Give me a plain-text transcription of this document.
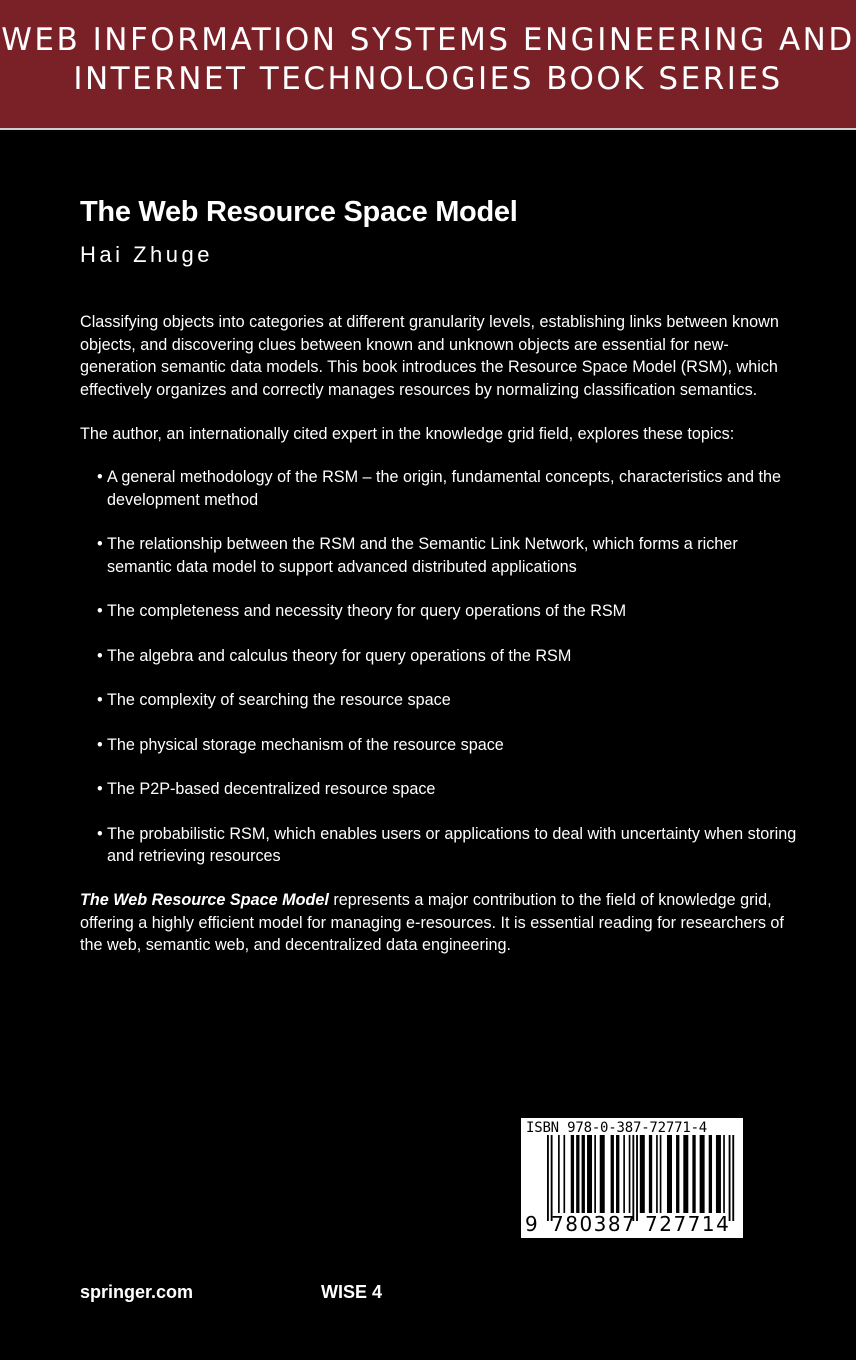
WEB INFORMATION SYSTEMS ENGINEERING AND
INTERNET TECHNOLOGIES BOOK SERIES
The Web Resource Space Model
Hai Zhuge

Classifying objects into categories at different granularity levels, establishing links between known objects, and discovering clues between known and unknown objects are essential for new-generation semantic data models. This book introduces the Resource Space Model (RSM), which effectively organizes and correctly manages resources by normalizing classification semantics.

The author, an internationally cited expert in the knowledge grid field, explores these topics:

• A general methodology of the RSM – the origin, fundamental concepts, characteristics and the development method
• The relationship between the RSM and the Semantic Link Network, which forms a richer semantic data model to support advanced distributed applications
• The completeness and necessity theory for query operations of the RSM
• The algebra and calculus theory for query operations of the RSM
• The complexity of searching the resource space
• The physical storage mechanism of the resource space
• The P2P-based decentralized resource space
• The probabilistic RSM, which enables users or applications to deal with uncertainty when storing and retrieving resources

The Web Resource Space Model represents a major contribution to the field of knowledge grid, offering a highly efficient model for managing e-resources. It is essential reading for researchers of the web, semantic web, and decentralized data engineering.

ISBN 978-0-387-72771-4
9 780387 727714
springer.com	WISE 4
